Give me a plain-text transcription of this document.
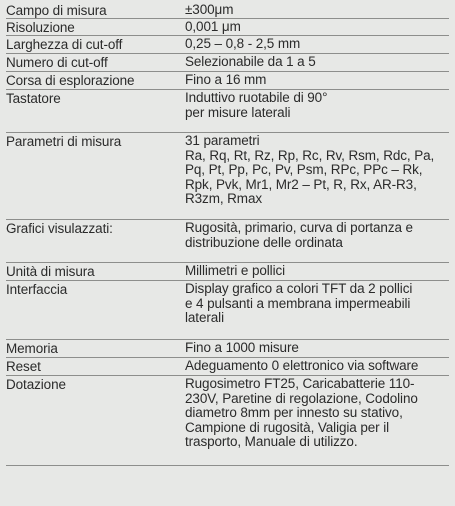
Campo di misura	±300μm
Risoluzione	0,001 μm
Larghezza di cut-off	0,25 – 0,8 - 2,5 mm
Numero di cut-off	Selezionabile da 1 a 5
Corsa di esplorazione	Fino a 16 mm
Tastatore	Induttivo ruotabile di 90°
per misure laterali
Parametri di misura	31 parametri
Ra, Rq, Rt, Rz, Rp, Rc, Rv, Rsm, Rdc, Pa,
Pq, Pt, Pp, Pc, Pv, Psm, RPc, PPc – Rk,
Rpk, Pvk, Mr1, Mr2 – Pt, R, Rx, AR-R3,
R3zm, Rmax
Grafici visulazzati:	Rugosità, primario, curva di portanza e
distribuzione delle ordinata
Unità di misura	Millimetri e pollici
Interfaccia	Display grafico a colori TFT da 2 pollici
e 4 pulsanti a membrana impermeabili
laterali
Memoria	Fino a 1000 misure
Reset	Adeguamento 0 elettronico via software
Dotazione	Rugosimetro FT25, Caricabatterie 110-
230V, Paretine di regolazione, Codolino
diametro 8mm per innesto su stativo,
Campione di rugosità, Valigia per il
trasporto, Manuale di utilizzo.
